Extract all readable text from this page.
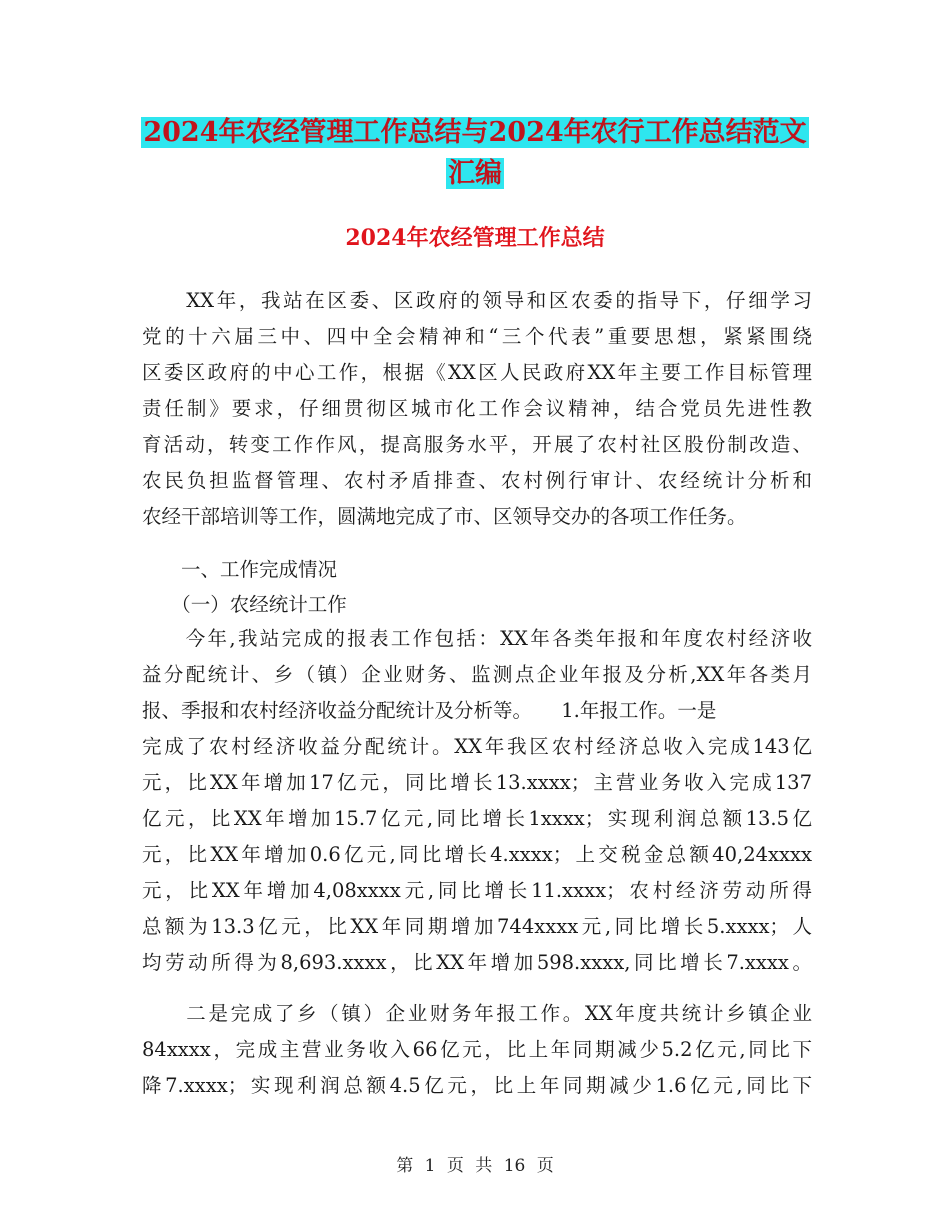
2024年农经管理工作总结与2024年农行工作总结范文
汇编
2024年农经管理工作总结
　　XX年，我站在区委、区政府的领导和区农委的指导下，仔细学习
党的十六届三中、四中全会精神和“三个代表”重要思想，紧紧围绕
区委区政府的中心工作，根据《XX区人民政府XX年主要工作目标管理
责任制》要求，仔细贯彻区城市化工作会议精神，结合党员先进性教
育活动，转变工作作风，提高服务水平，开展了农村社区股份制改造、
农民负担监督管理、农村矛盾排查、农村例行审计、农经统计分析和
农经干部培训等工作，圆满地完成了市、区领导交办的各项工作任务。
　　一、工作完成情况
　　（一）农经统计工作
　　今年,我站完成的报表工作包括：XX年各类年报和年度农村经济收
益分配统计、乡（镇）企业财务、监测点企业年报及分析,XX年各类月
报、季报和农村经济收益分配统计及分析等。　　1.年报工作。一是
完成了农村经济收益分配统计。XX年我区农村经济总收入完成143亿
元，比XX年增加17亿元，同比增长13.xxxx；主营业务收入完成137
亿元，比XX年增加15.7亿元,同比增长1xxxx；实现利润总额13.5亿
元，比XX年增加0.6亿元,同比增长4.xxxx；上交税金总额40,24xxxx
元，比XX年增加4,08xxxx元,同比增长11.xxxx；农村经济劳动所得
总额为13.3亿元，比XX年同期增加744xxxx元,同比增长5.xxxx；人
均劳动所得为8,693.xxxx，比XX年增加598.xxxx,同比增长7.xxxx。
　　二是完成了乡（镇）企业财务年报工作。XX年度共统计乡镇企业
84xxxx，完成主营业务收入66亿元，比上年同期减少5.2亿元,同比下
降7.xxxx；实现利润总额4.5亿元，比上年同期减少1.6亿元,同比下
第 1 页 共 16 页
